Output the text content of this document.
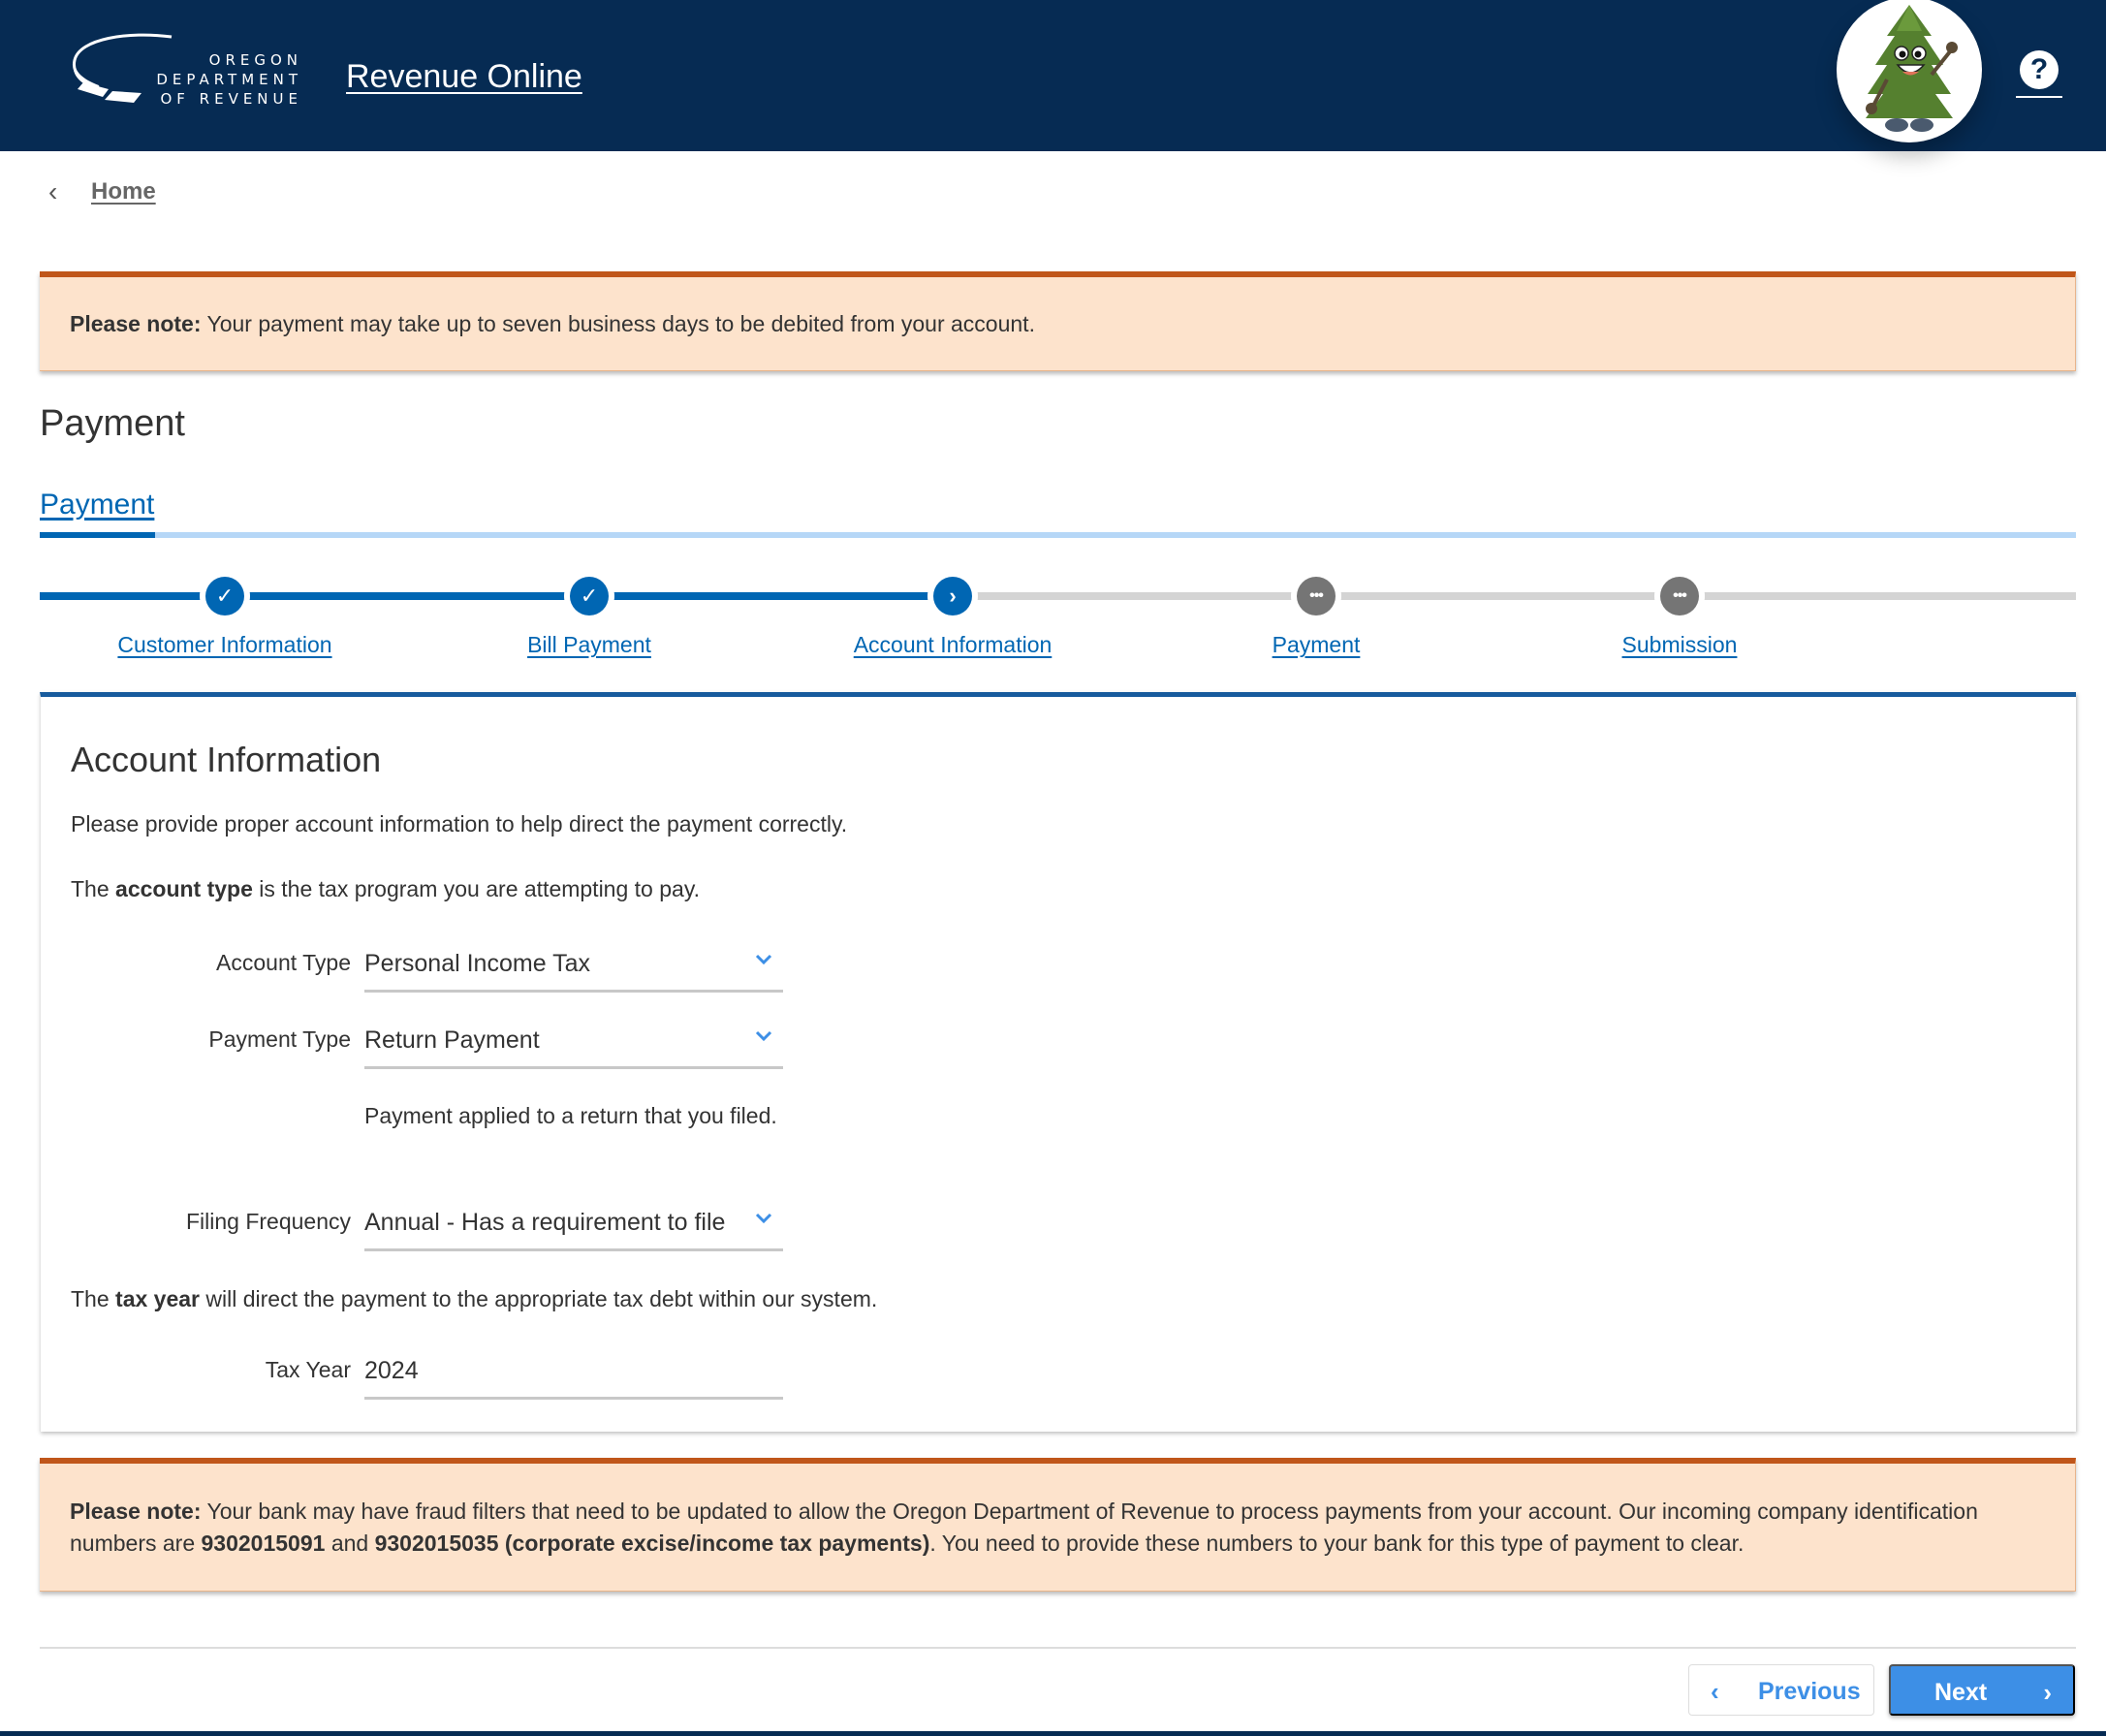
OREGON
DEPARTMENT
OF REVENUE
Revenue Online	?
‹	Home
Please note: Your payment may take up to seven business days to be debited from your account.
Payment
Payment
✓
Customer Information
✓
Bill Payment
›
Account Information
•••
Payment
•••
Submission
Account Information

Please provide proper account information to help direct the payment correctly.

The account type is the tax program you are attempting to pay.

Account Type Personal Income Tax
Payment Type Return Payment

Payment applied to a return that you filed.

Filing Frequency Annual - Has a requirement to file

The tax year will direct the payment to the appropriate tax debt within our system.

Tax Year 2024
Please note: Your bank may have fraud filters that need to be updated to allow the Oregon Department of Revenue to process payments from your account. Our incoming company identification numbers are 9302015091 and 9302015035 (corporate excise/income tax payments). You need to provide these numbers to your bank for this type of payment to clear.
‹ Previous	Next ›
